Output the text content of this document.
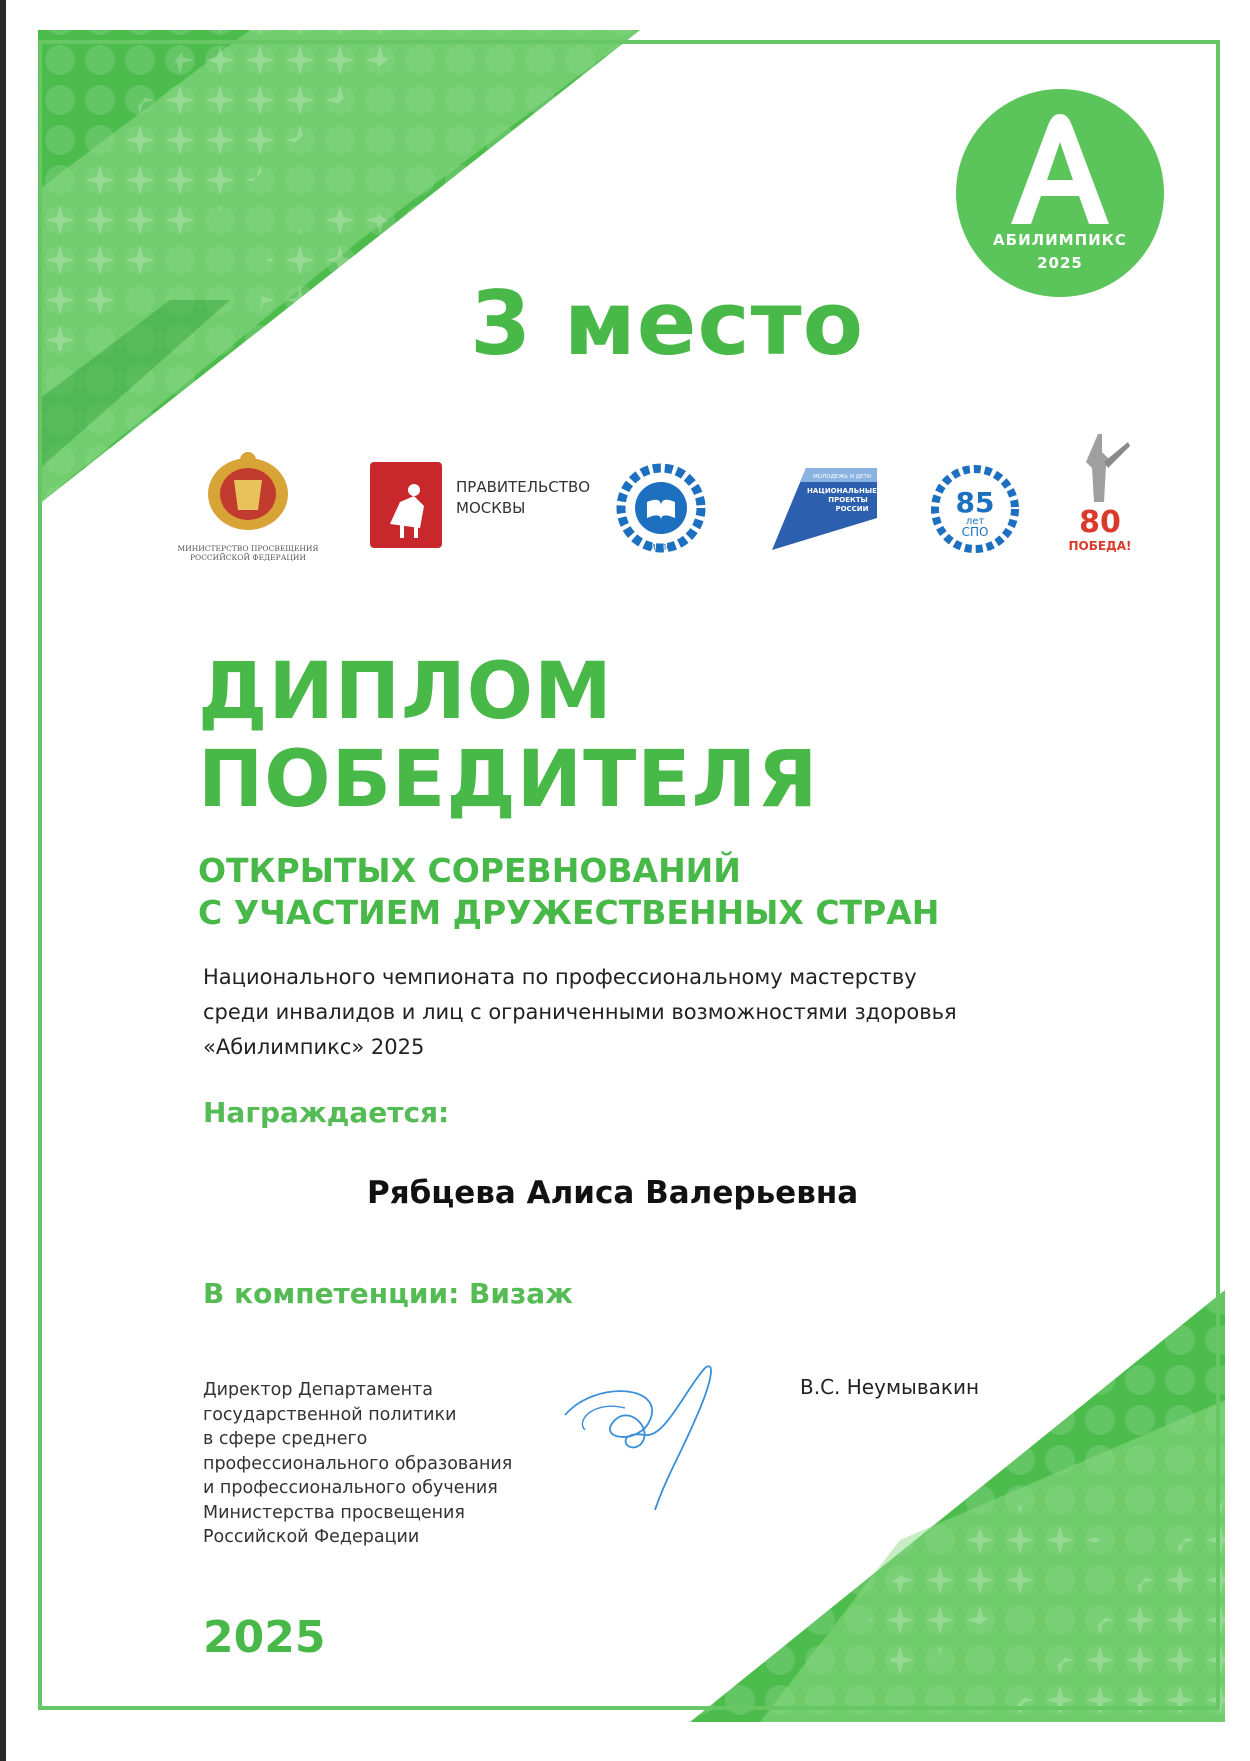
АБИЛИМПИКС
2025
3 место
МИНИСТЕРСТВО ПРОСВЕЩЕНИЯ РОССИЙСКОЙ ФЕДЕРАЦИИ
ПРАВИТЕЛЬСТВО
МОСКВЫ
ИРПО
МОЛОДЕЖЬ И ДЕТИ
НАЦИОНАЛЬНЫЕ
ПРОЕКТЫ
РОССИИ	85
лет
СПО	80
ПОБЕДА!
ДИПЛОМ
ПОБЕДИТЕЛЯ
ОТКРЫТЫХ СОРЕВНОВАНИЙ
С УЧАСТИЕМ ДРУЖЕСТВЕННЫХ СТРАН
Национального чемпионата по профессиональному мастерству
среди инвалидов и лиц с ограниченными возможностями здоровья
«Абилимпикс» 2025
Награждается:
Рябцева Алиса Валерьевна
В компетенции: Визаж
Директор Департамента
государственной политики
в сфере среднего
профессионального образования
и профессионального обучения
Министерства просвещения
Российской Федерации
В.С. Неумывакин
2025
